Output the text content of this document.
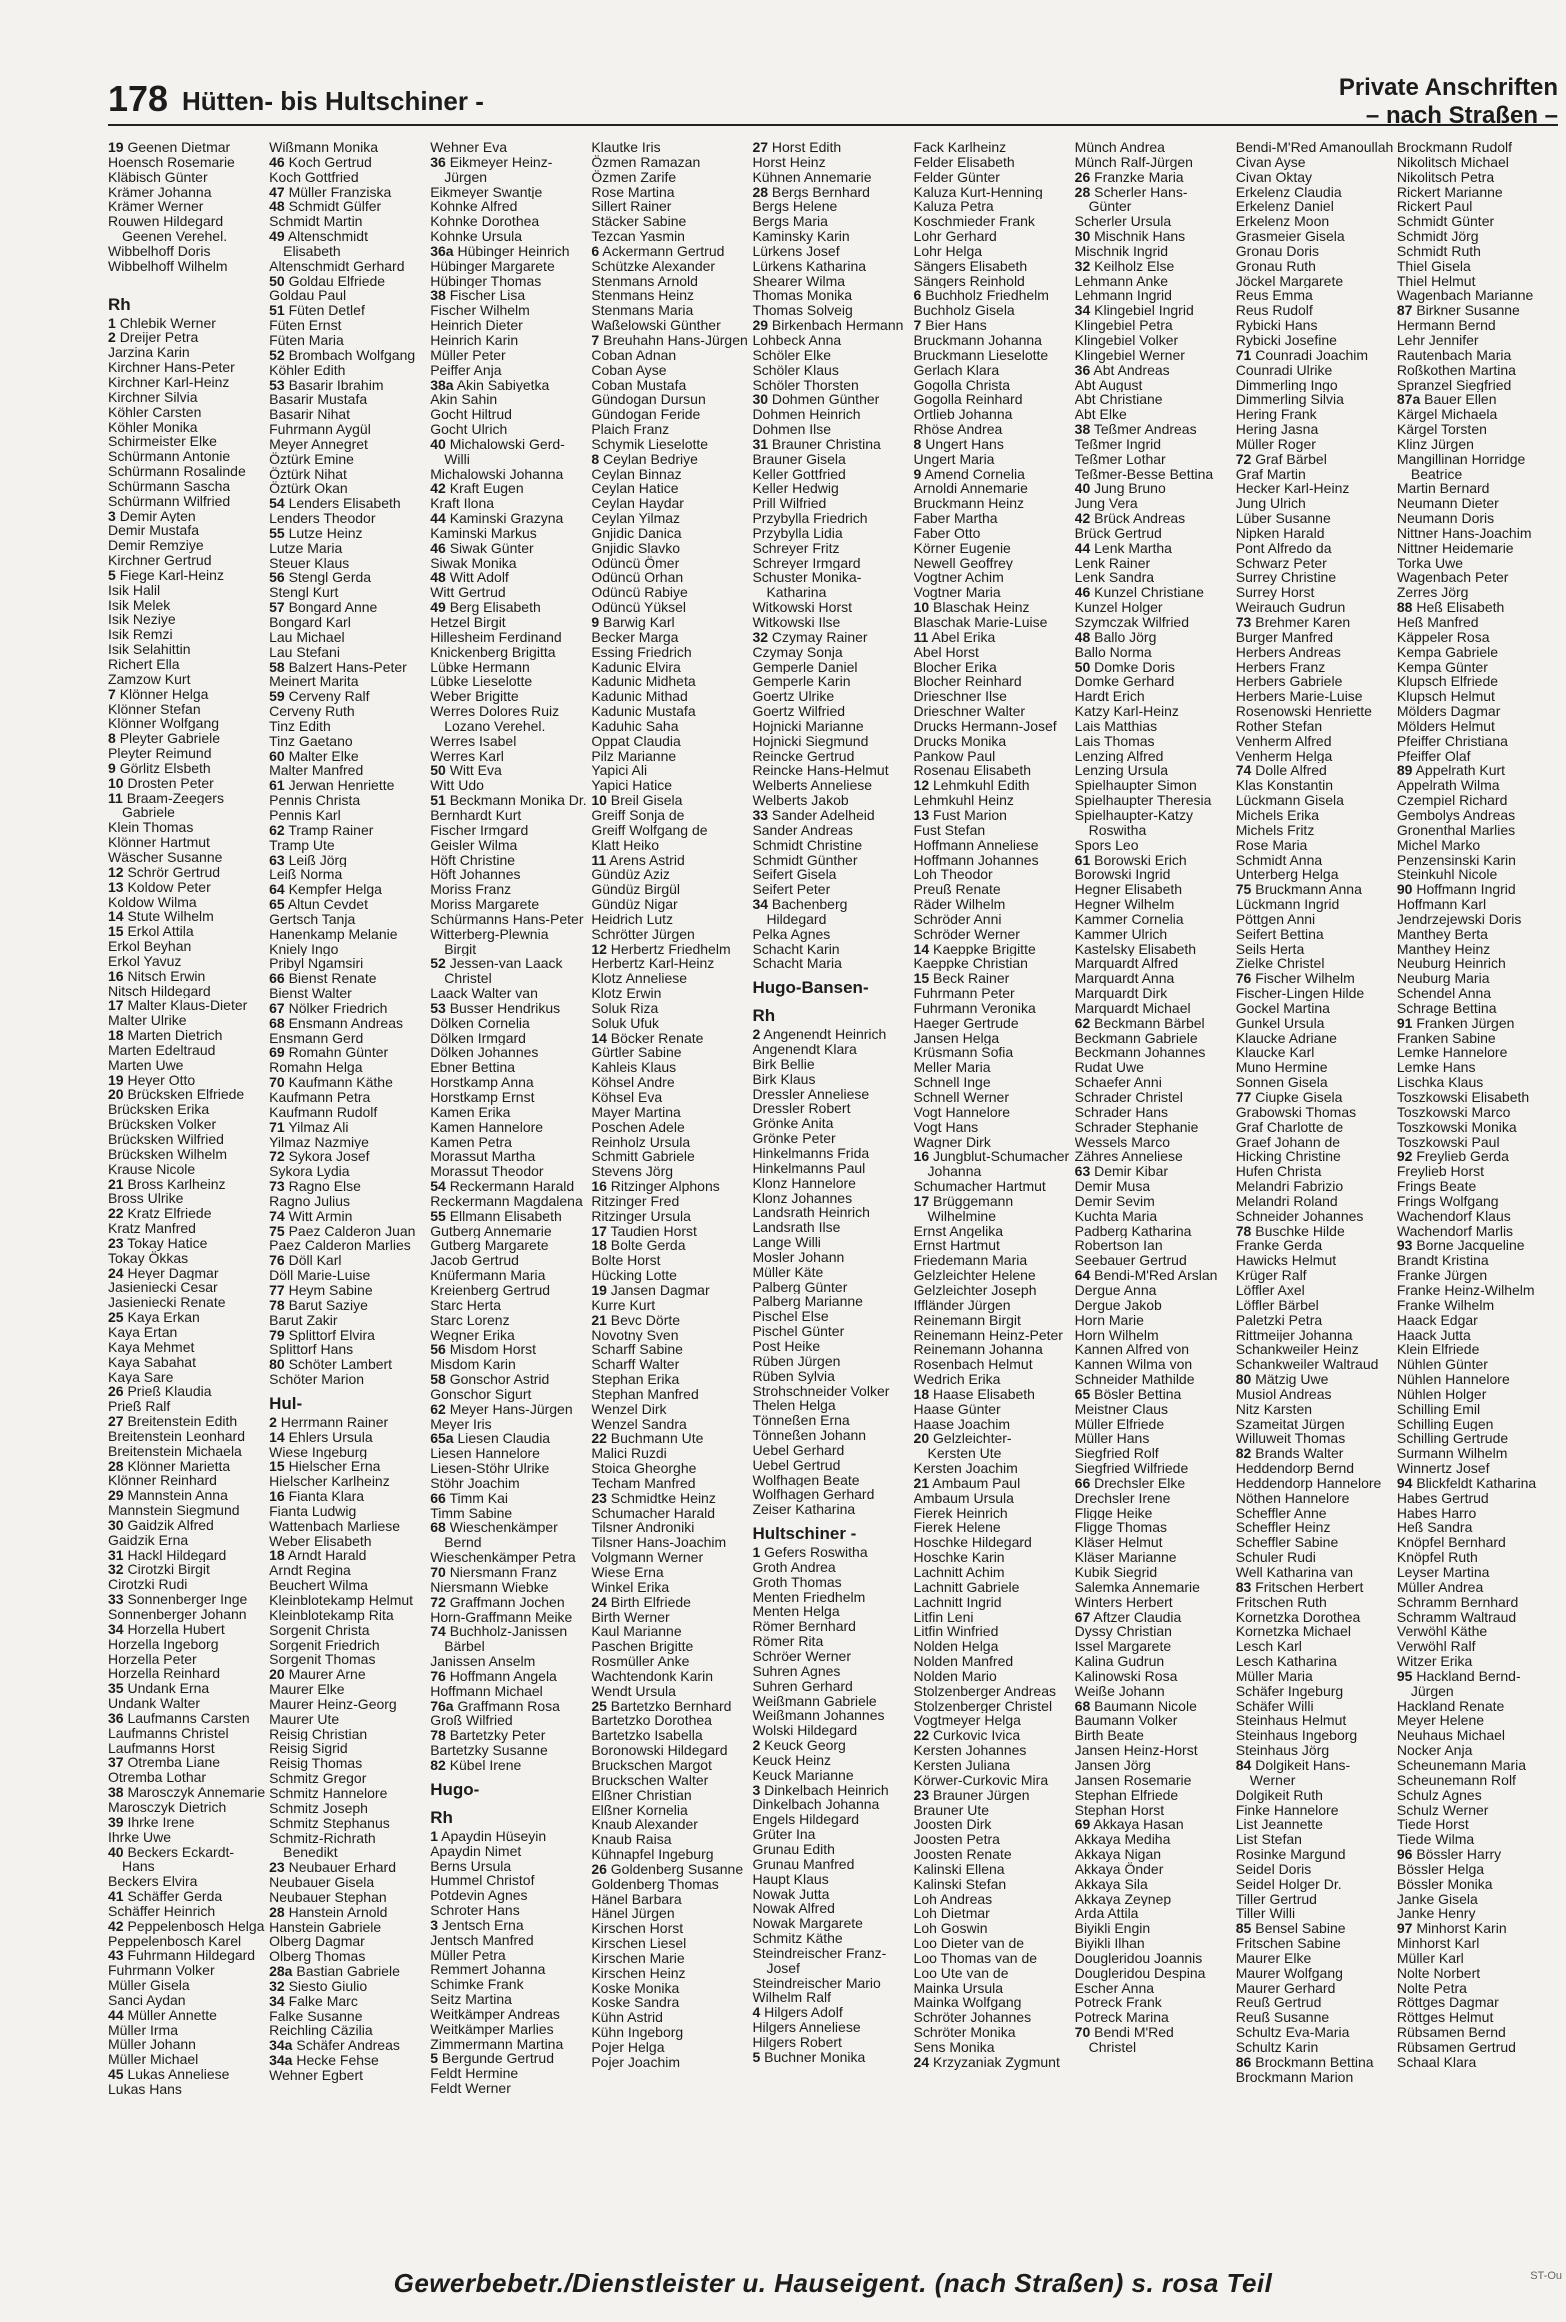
178 Hütten- bis Hultschiner -	Private Anschriften
– nach Straßen –
19 Geenen Dietmar
Hoensch Rosemarie
Kläbisch Günter
Krämer Johanna
Krämer Werner
Rouwen Hildegard
Geenen Verehel.
Wibbelhoff Doris
Wibbelhoff Wilhelm
Rh
1 Chlebik Werner
2 Dreijer Petra
Jarzina Karin
Kirchner Hans-Peter
Kirchner Karl-Heinz
Kirchner Silvia
Köhler Carsten
Köhler Monika
Schirmeister Elke
Schürmann Antonie
Schürmann Rosalinde
Schürmann Sascha
Schürmann Wilfried
3 Demir Ayten
Demir Mustafa
Demir Remziye
Kirchner Gertrud
5 Fiege Karl-Heinz
Isik Halil
Isik Melek
Isik Neziye
Isik Remzi
Isik Selahittin
Richert Ella
Zamzow Kurt
7 Klönner Helga
Klönner Stefan
Klönner Wolfgang
8 Pleyter Gabriele
Pleyter Reimund
9 Görlitz Elsbeth
10 Drosten Peter
11 Braam-Zeegers
Gabriele
Klein Thomas
Klönner Hartmut
Wäscher Susanne
12 Schrör Gertrud
13 Koldow Peter
Koldow Wilma
14 Stute Wilhelm
15 Erkol Attila
Erkol Beyhan
Erkol Yavuz
16 Nitsch Erwin
Nitsch Hildegard
17 Malter Klaus-Dieter
Malter Ulrike
18 Marten Dietrich
Marten Edeltraud
Marten Uwe
19 Heyer Otto
20 Brücksken Elfriede
Brücksken Erika
Brücksken Volker
Brücksken Wilfried
Brücksken Wilhelm
Krause Nicole
21 Bross Karlheinz
Bross Ulrike
22 Kratz Elfriede
Kratz Manfred
23 Tokay Hatice
Tokay Ökkas
24 Heyer Dagmar
Jasieniecki Cesar
Jasieniecki Renate
25 Kaya Erkan
Kaya Ertan
Kaya Mehmet
Kaya Sabahat
Kaya Sare
26 Prieß Klaudia
Prieß Ralf
27 Breitenstein Edith
Breitenstein Leonhard
Breitenstein Michaela
28 Klönner Marietta
Klönner Reinhard
29 Mannstein Anna
Mannstein Siegmund
30 Gaidzik Alfred
Gaidzik Erna
31 Hackl Hildegard
32 Cirotzki Birgit
Cirotzki Rudi
33 Sonnenberger Inge
Sonnenberger Johann
34 Horzella Hubert
Horzella Ingeborg
Horzella Peter
Horzella Reinhard
35 Undank Erna
Undank Walter
36 Laufmanns Carsten
Laufmanns Christel
Laufmanns Horst
37 Otremba Liane
Otremba Lothar
38 Marosczyk Annemarie
Marosczyk Dietrich
39 Ihrke Irene
Ihrke Uwe
40 Beckers Eckardt-
Hans
Beckers Elvira
41 Schäffer Gerda
Schäffer Heinrich
42 Peppelenbosch Helga
Peppelenbosch Karel
43 Fuhrmann Hildegard
Fuhrmann Volker
Müller Gisela
Sanci Aydan
44 Müller Annette
Müller Irma
Müller Johann
Müller Michael
45 Lukas Anneliese
Lukas Hans
Wißmann Monika
46 Koch Gertrud
Koch Gottfried
47 Müller Franziska
48 Schmidt Gülfer
Schmidt Martin
49 Altenschmidt
Elisabeth
Altenschmidt Gerhard
50 Goldau Elfriede
Goldau Paul
51 Füten Detlef
Füten Ernst
Füten Maria
52 Brombach Wolfgang
Köhler Edith
53 Basarir Ibrahim
Basarir Mustafa
Basarir Nihat
Fuhrmann Aygül
Meyer Annegret
Öztürk Emine
Öztürk Nihat
Öztürk Okan
54 Lenders Elisabeth
Lenders Theodor
55 Lutze Heinz
Lutze Maria
Steuer Klaus
56 Stengl Gerda
Stengl Kurt
57 Bongard Anne
Bongard Karl
Lau Michael
Lau Stefani
58 Balzert Hans-Peter
Meinert Marita
59 Cerveny Ralf
Cerveny Ruth
Tinz Edith
Tinz Gaetano
60 Malter Elke
Malter Manfred
61 Jerwan Henriette
Pennis Christa
Pennis Karl
62 Tramp Rainer
Tramp Ute
63 Leiß Jörg
Leiß Norma
64 Kempfer Helga
65 Altun Cevdet
Gertsch Tanja
Hanenkamp Melanie
Kniely Ingo
Pribyl Ngamsiri
66 Bienst Renate
Bienst Walter
67 Nölker Friedrich
68 Ensmann Andreas
Ensmann Gerd
69 Romahn Günter
Romahn Helga
70 Kaufmann Käthe
Kaufmann Petra
Kaufmann Rudolf
71 Yilmaz Ali
Yilmaz Nazmiye
72 Sykora Josef
Sykora Lydia
73 Ragno Else
Ragno Julius
74 Witt Armin
75 Paez Calderon Juan
Paez Calderon Marlies
76 Döll Karl
Döll Marie-Luise
77 Heym Sabine
78 Barut Saziye
Barut Zakir
79 Splittorf Elvira
Splittorf Hans
80 Schöter Lambert
Schöter Marion
Hul-
2 Herrmann Rainer
14 Ehlers Ursula
Wiese Ingeburg
15 Hielscher Erna
Hielscher Karlheinz
16 Fianta Klara
Fianta Ludwig
Wattenbach Marliese
Weber Elisabeth
18 Arndt Harald
Arndt Regina
Beuchert Wilma
Kleinblotekamp Helmut
Kleinblotekamp Rita
Sorgenit Christa
Sorgenit Friedrich
Sorgenit Thomas
20 Maurer Arne
Maurer Elke
Maurer Heinz-Georg
Maurer Ute
Reisig Christian
Reisig Sigrid
Reisig Thomas
Schmitz Gregor
Schmitz Hannelore
Schmitz Joseph
Schmitz Stephanus
Schmitz-Richrath
Benedikt
23 Neubauer Erhard
Neubauer Gisela
Neubauer Stephan
28 Hanstein Arnold
Hanstein Gabriele
Olberg Dagmar
Olberg Thomas
28a Bastian Gabriele
32 Siesto Giulio
34 Falke Marc
Falke Susanne
Reichling Cäzilia
34a Schäfer Andreas
34a Hecke Fehse
Wehner Egbert
Wehner Eva
36 Eikmeyer Heinz-
Jürgen
Eikmeyer Swantje
Kohnke Alfred
Kohnke Dorothea
Kohnke Ursula
36a Hübinger Heinrich
Hübinger Margarete
Hübinger Thomas
38 Fischer Lisa
Fischer Wilhelm
Heinrich Dieter
Heinrich Karin
Müller Peter
Peiffer Anja
38a Akin Sabiyetka
Akin Sahin
Gocht Hiltrud
Gocht Ulrich
40 Michalowski Gerd-
Willi
Michalowski Johanna
42 Kraft Eugen
Kraft Ilona
44 Kaminski Grazyna
Kaminski Markus
46 Siwak Günter
Siwak Monika
48 Witt Adolf
Witt Gertrud
49 Berg Elisabeth
Hetzel Birgit
Hillesheim Ferdinand
Knickenberg Brigitta
Lübke Hermann
Lübke Lieselotte
Weber Brigitte
Werres Dolores Ruiz
Lozano Verehel.
Werres Isabel
Werres Karl
50 Witt Eva
Witt Udo
51 Beckmann Monika Dr.
Bernhardt Kurt
Fischer Irmgard
Geisler Wilma
Höft Christine
Höft Johannes
Moriss Franz
Moriss Margarete
Schürmanns Hans-Peter
Witterberg-Plewnia
Birgit
52 Jessen-van Laack
Christel
Laack Walter van
53 Busser Hendrikus
Dölken Cornelia
Dölken Irmgard
Dölken Johannes
Ebner Bettina
Horstkamp Anna
Horstkamp Ernst
Kamen Erika
Kamen Hannelore
Kamen Petra
Morassut Martha
Morassut Theodor
54 Reckermann Harald
Reckermann Magdalena
55 Ellmann Elisabeth
Gutberg Annemarie
Gutberg Margarete
Jacob Gertrud
Knüfermann Maria
Kreienberg Gertrud
Starc Herta
Starc Lorenz
Wegner Erika
56 Misdom Horst
Misdom Karin
58 Gonschor Astrid
Gonschor Sigurt
62 Meyer Hans-Jürgen
Meyer Iris
65a Liesen Claudia
Liesen Hannelore
Liesen-Stöhr Ulrike
Stöhr Joachim
66 Timm Kai
Timm Sabine
68 Wieschenkämper
Bernd
Wieschenkämper Petra
70 Niersmann Franz
Niersmann Wiebke
72 Graffmann Jochen
Horn-Graffmann Meike
74 Buchholz-Janissen
Bärbel
Janissen Anselm
76 Hoffmann Angela
Hoffmann Michael
76a Graffmann Rosa
Groß Wilfried
78 Bartetzky Peter
Bartetzky Susanne
82 Kübel Irene
Hugo-
Rh
1 Apaydin Hüseyin
Apaydin Nimet
Berns Ursula
Hummel Christof
Potdevin Agnes
Schroter Hans
3 Jentsch Erna
Jentsch Manfred
Müller Petra
Remmert Johanna
Schimke Frank
Seitz Martina
Weitkämper Andreas
Weitkämper Marlies
Zimmermann Martina
5 Bergunde Gertrud
Feldt Hermine
Feldt Werner
Klautke Iris
Özmen Ramazan
Özmen Zarife
Rose Martina
Sillert Rainer
Stäcker Sabine
Tezcan Yasmin
6 Ackermann Gertrud
Schützke Alexander
Stenmans Arnold
Stenmans Heinz
Stenmans Maria
Waßelowski Günther
7 Breuhahn Hans-Jürgen
Coban Adnan
Coban Ayse
Coban Mustafa
Gündogan Dursun
Gündogan Feride
Plaich Franz
Schymik Lieselotte
8 Ceylan Bedriye
Ceylan Binnaz
Ceylan Hatice
Ceylan Haydar
Ceylan Yilmaz
Gnjidic Danica
Gnjidic Slavko
Odüncü Ömer
Odüncü Orhan
Odüncü Rabiye
Odüncü Yüksel
9 Barwig Karl
Becker Marga
Essing Friedrich
Kadunic Elvira
Kadunic Midheta
Kadunic Mithad
Kadunic Mustafa
Kaduhic Saha
Oppat Claudia
Pilz Marianne
Yapici Ali
Yapici Hatice
10 Breil Gisela
Greiff Sonja de
Greiff Wolfgang de
Klatt Heiko
11 Arens Astrid
Gündüz Aziz
Gündüz Birgül
Gündüz Nigar
Heidrich Lutz
Schrötter Jürgen
12 Herbertz Friedhelm
Herbertz Karl-Heinz
Klotz Anneliese
Klotz Erwin
Soluk Riza
Soluk Ufuk
14 Böcker Renate
Gürtler Sabine
Kahleis Klaus
Köhsel Andre
Köhsel Eva
Mayer Martina
Poschen Adele
Reinholz Ursula
Schmitt Gabriele
Stevens Jörg
16 Ritzinger Alphons
Ritzinger Fred
Ritzinger Ursula
17 Taudien Horst
18 Bolte Gerda
Bolte Horst
Hücking Lotte
19 Jansen Dagmar
Kurre Kurt
21 Bevc Dörte
Novotny Sven
Scharff Sabine
Scharff Walter
Stephan Erika
Stephan Manfred
Wenzel Dirk
Wenzel Sandra
22 Buchmann Ute
Malici Ruzdi
Stoica Gheorghe
Techam Manfred
23 Schmidtke Heinz
Schumacher Harald
Tilsner Androniki
Tilsner Hans-Joachim
Volgmann Werner
Wiese Erna
Winkel Erika
24 Birth Elfriede
Birth Werner
Kaul Marianne
Paschen Brigitte
Rosmüller Anke
Wachtendonk Karin
Wendt Ursula
25 Bartetzko Bernhard
Bartetzko Dorothea
Bartetzko Isabella
Boronowski Hildegard
Bruckschen Margot
Bruckschen Walter
Elßner Christian
Elßner Kornelia
Knaub Alexander
Knaub Raisa
Kühnapfel Ingeburg
26 Goldenberg Susanne
Goldenberg Thomas
Hänel Barbara
Hänel Jürgen
Kirschen Horst
Kirschen Liesel
Kirschen Marie
Kirschen Heinz
Koske Monika
Koske Sandra
Kühn Astrid
Kühn Ingeborg
Pojer Helga
Pojer Joachim
27 Horst Edith
Horst Heinz
Kühnen Annemarie
28 Bergs Bernhard
Bergs Helene
Bergs Maria
Kaminsky Karin
Lürkens Josef
Lürkens Katharina
Shearer Wilma
Thomas Monika
Thomas Solveig
29 Birkenbach Hermann
Lohbeck Anna
Schöler Elke
Schöler Klaus
Schöler Thorsten
30 Dohmen Günther
Dohmen Heinrich
Dohmen Ilse
31 Brauner Christina
Brauner Gisela
Keller Gottfried
Keller Hedwig
Prill Wilfried
Przybylla Friedrich
Przybylla Lidia
Schreyer Fritz
Schreyer Irmgard
Schuster Monika-
Katharina
Witkowski Horst
Witkowski Ilse
32 Czymay Rainer
Czymay Sonja
Gemperle Daniel
Gemperle Karin
Goertz Ulrike
Goertz Wilfried
Hojnicki Marianne
Hojnicki Siegmund
Reincke Gertrud
Reincke Hans-Helmut
Welberts Anneliese
Welberts Jakob
33 Sander Adelheid
Sander Andreas
Schmidt Christine
Schmidt Günther
Seifert Gisela
Seifert Peter
34 Bachenberg
Hildegard
Pelka Agnes
Schacht Karin
Schacht Maria
Hugo-Bansen-
Rh
2 Angenendt Heinrich
Angenendt Klara
Birk Bellie
Birk Klaus
Dressler Anneliese
Dressler Robert
Grönke Anita
Grönke Peter
Hinkelmanns Frida
Hinkelmanns Paul
Klonz Hannelore
Klonz Johannes
Landsrath Heinrich
Landsrath Ilse
Lange Willi
Mosler Johann
Müller Käte
Palberg Günter
Palberg Marianne
Pischel Else
Pischel Günter
Post Heike
Rüben Jürgen
Rüben Sylvia
Strohschneider Volker
Thelen Helga
Tönneßen Erna
Tönneßen Johann
Uebel Gerhard
Uebel Gertrud
Wolfhagen Beate
Wolfhagen Gerhard
Zeiser Katharina
Hultschiner -
1 Gefers Roswitha
Groth Andrea
Groth Thomas
Menten Friedhelm
Menten Helga
Römer Bernhard
Römer Rita
Schröer Werner
Suhren Agnes
Suhren Gerhard
Weißmann Gabriele
Weißmann Johannes
Wolski Hildegard
2 Keuck Georg
Keuck Heinz
Keuck Marianne
3 Dinkelbach Heinrich
Dinkelbach Johanna
Engels Hildegard
Grüter Ina
Grunau Edith
Grunau Manfred
Haupt Klaus
Nowak Jutta
Nowak Alfred
Nowak Margarete
Schmitz Käthe
Steindreischer Franz-
Josef
Steindreischer Mario
Wilhelm Ralf
4 Hilgers Adolf
Hilgers Anneliese
Hilgers Robert
5 Buchner Monika
Fack Karlheinz
Felder Elisabeth
Felder Günter
Kaluza Kurt-Henning
Kaluza Petra
Koschmieder Frank
Lohr Gerhard
Lohr Helga
Sängers Elisabeth
Sängers Reinhold
6 Buchholz Friedhelm
Buchholz Gisela
7 Bier Hans
Bruckmann Johanna
Bruckmann Lieselotte
Gerlach Klara
Gogolla Christa
Gogolla Reinhard
Ortlieb Johanna
Rhöse Andrea
8 Ungert Hans
Ungert Maria
9 Amend Cornelia
Arnoldi Annemarie
Bruckmann Heinz
Faber Martha
Faber Otto
Körner Eugenie
Newell Geoffrey
Vogtner Achim
Vogtner Maria
10 Blaschak Heinz
Blaschak Marie-Luise
11 Abel Erika
Abel Horst
Blocher Erika
Blocher Reinhard
Drieschner Ilse
Drieschner Walter
Drucks Hermann-Josef
Drucks Monika
Pankow Paul
Rosenau Elisabeth
12 Lehmkuhl Edith
Lehmkuhl Heinz
13 Fust Marion
Fust Stefan
Hoffmann Anneliese
Hoffmann Johannes
Loh Theodor
Preuß Renate
Räder Wilhelm
Schröder Anni
Schröder Werner
14 Kaeppke Brigitte
Kaeppke Christian
15 Beck Rainer
Fuhrmann Peter
Fuhrmann Veronika
Haeger Gertrude
Jansen Helga
Krüsmann Sofia
Meller Maria
Schnell Inge
Schnell Werner
Vogt Hannelore
Vogt Hans
Wagner Dirk
16 Jungblut-Schumacher
Johanna
Schumacher Hartmut
17 Brüggemann
Wilhelmine
Ernst Angelika
Ernst Hartmut
Friedemann Maria
Gelzleichter Helene
Gelzleichter Joseph
Iffländer Jürgen
Reinemann Birgit
Reinemann Heinz-Peter
Reinemann Johanna
Rosenbach Helmut
Wedrich Erika
18 Haase Elisabeth
Haase Günter
Haase Joachim
20 Gelzleichter-
Kersten Ute
Kersten Joachim
21 Ambaum Paul
Ambaum Ursula
Fierek Heinrich
Fierek Helene
Hoschke Hildegard
Hoschke Karin
Lachnitt Achim
Lachnitt Gabriele
Lachnitt Ingrid
Litfin Leni
Litfin Winfried
Nolden Helga
Nolden Manfred
Nolden Mario
Stolzenberger Andreas
Stolzenberger Christel
Vogtmeyer Helga
22 Curkovic Ivica
Kersten Johannes
Kersten Juliana
Körwer-Curkovic Mira
23 Brauner Jürgen
Brauner Ute
Joosten Dirk
Joosten Petra
Joosten Renate
Kalinski Ellena
Kalinski Stefan
Loh Andreas
Loh Dietmar
Loh Goswin
Loo Dieter van de
Loo Thomas van de
Loo Ute van de
Mainka Ursula
Mainka Wolfgang
Schröter Johannes
Schröter Monika
Sens Monika
24 Krzyzaniak Zygmunt
Münch Andrea
Münch Ralf-Jürgen
26 Franzke Maria
28 Scherler Hans-
Günter
Scherler Ursula
30 Mischnik Hans
Mischnik Ingrid
32 Keilholz Else
Lehmann Anke
Lehmann Ingrid
34 Klingebiel Ingrid
Klingebiel Petra
Klingebiel Volker
Klingebiel Werner
36 Abt Andreas
Abt August
Abt Christiane
Abt Elke
38 Teßmer Andreas
Teßmer Ingrid
Teßmer Lothar
Teßmer-Besse Bettina
40 Jung Bruno
Jung Vera
42 Brück Andreas
Brück Gertrud
44 Lenk Martha
Lenk Rainer
Lenk Sandra
46 Kunzel Christiane
Kunzel Holger
Szymczak Wilfried
48 Ballo Jörg
Ballo Norma
50 Domke Doris
Domke Gerhard
Hardt Erich
Katzy Karl-Heinz
Lais Matthias
Lais Thomas
Lenzing Alfred
Lenzing Ursula
Spielhaupter Simon
Spielhaupter Theresia
Spielhaupter-Katzy
Roswitha
Spors Leo
61 Borowski Erich
Borowski Ingrid
Hegner Elisabeth
Hegner Wilhelm
Kammer Cornelia
Kammer Ulrich
Kastelsky Elisabeth
Marquardt Alfred
Marquardt Anna
Marquardt Dirk
Marquardt Michael
62 Beckmann Bärbel
Beckmann Gabriele
Beckmann Johannes
Rudat Uwe
Schaefer Anni
Schrader Christel
Schrader Hans
Schrader Stephanie
Wessels Marco
Zähres Anneliese
63 Demir Kibar
Demir Musa
Demir Sevim
Kuchta Maria
Padberg Katharina
Robertson Ian
Seebauer Gertrud
64 Bendi-M'Red Arslan
Dergue Anna
Dergue Jakob
Horn Marie
Horn Wilhelm
Kannen Alfred von
Kannen Wilma von
Schneider Mathilde
65 Bösler Bettina
Meistner Claus
Müller Elfriede
Müller Hans
Siegfried Rolf
Siegfried Wilfriede
66 Drechsler Elke
Drechsler Irene
Fligge Heike
Fligge Thomas
Kläser Helmut
Kläser Marianne
Kubik Siegrid
Salemka Annemarie
Winters Herbert
67 Aftzer Claudia
Dyssy Christian
Issel Margarete
Kalina Gudrun
Kalinowski Rosa
Weiße Johann
68 Baumann Nicole
Baumann Volker
Birth Beate
Jansen Heinz-Horst
Jansen Jörg
Jansen Rosemarie
Stephan Elfriede
Stephan Horst
69 Akkaya Hasan
Akkaya Mediha
Akkaya Nigan
Akkaya Önder
Akkaya Sila
Akkaya Zeynep
Arda Attila
Biyikli Engin
Biyikli Ilhan
Dougleridou Joannis
Dougleridou Despina
Escher Anna
Potreck Frank
Potreck Marina
70 Bendi M'Red
Christel
Bendi-M'Red Amanoullah
Civan Ayse
Civan Oktay
Erkelenz Claudia
Erkelenz Daniel
Erkelenz Moon
Grasmeier Gisela
Gronau Doris
Gronau Ruth
Jöckel Margarete
Reus Emma
Reus Rudolf
Rybicki Hans
Rybicki Josefine
71 Counradi Joachim
Counradi Ulrike
Dimmerling Ingo
Dimmerling Silvia
Hering Frank
Hering Jasna
Müller Roger
72 Graf Bärbel
Graf Martin
Hecker Karl-Heinz
Jung Ulrich
Lüber Susanne
Nipken Harald
Pont Alfredo da
Schwarz Peter
Surrey Christine
Surrey Horst
Weirauch Gudrun
73 Brehmer Karen
Burger Manfred
Herbers Andreas
Herbers Franz
Herbers Gabriele
Herbers Marie-Luise
Rosenowski Henriette
Rother Stefan
Venherm Alfred
Venherm Helga
74 Dolle Alfred
Klas Konstantin
Lückmann Gisela
Michels Erika
Michels Fritz
Rose Maria
Schmidt Anna
Unterberg Helga
75 Bruckmann Anna
Lückmann Ingrid
Pöttgen Anni
Seifert Bettina
Seils Herta
Zielke Christel
76 Fischer Wilhelm
Fischer-Lingen Hilde
Gockel Martina
Gunkel Ursula
Klaucke Adriane
Klaucke Karl
Muno Hermine
Sonnen Gisela
77 Ciupke Gisela
Grabowski Thomas
Graf Charlotte de
Graef Johann de
Hicking Christine
Hufen Christa
Melandri Fabrizio
Melandri Roland
Schneider Johannes
78 Buschke Hilde
Franke Gerda
Hawicks Helmut
Krüger Ralf
Löffler Axel
Löffler Bärbel
Paletzki Petra
Rittmeijer Johanna
Schankweiler Heinz
Schankweiler Waltraud
80 Mätzig Uwe
Musiol Andreas
Nitz Karsten
Szameitat Jürgen
Willuweit Thomas
82 Brands Walter
Heddendorp Bernd
Heddendorp Hannelore
Nöthen Hannelore
Scheffler Anne
Scheffler Heinz
Scheffler Sabine
Schuler Rudi
Well Katharina van
83 Fritschen Herbert
Fritschen Ruth
Kornetzka Dorothea
Kornetzka Michael
Lesch Karl
Lesch Katharina
Müller Maria
Schäfer Ingeburg
Schäfer Willi
Steinhaus Helmut
Steinhaus Ingeborg
Steinhaus Jörg
84 Dolgikeit Hans-
Werner
Dolgikeit Ruth
Finke Hannelore
List Jeannette
List Stefan
Rosinke Margund
Seidel Doris
Seidel Holger Dr.
Tiller Gertrud
Tiller Willi
85 Bensel Sabine
Fritschen Sabine
Maurer Elke
Maurer Wolfgang
Maurer Gerhard
Reuß Gertrud
Reuß Susanne
Schultz Eva-Maria
Schultz Karin
86 Brockmann Bettina
Brockmann Marion
Brockmann Rudolf
Nikolitsch Michael
Nikolitsch Petra
Rickert Marianne
Rickert Paul
Schmidt Günter
Schmidt Jörg
Schmidt Ruth
Thiel Gisela
Thiel Helmut
Wagenbach Marianne
87 Birkner Susanne
Hermann Bernd
Lehr Jennifer
Rautenbach Maria
Roßkothen Martina
Spranzel Siegfried
87a Bauer Ellen
Kärgel Michaela
Kärgel Torsten
Klinz Jürgen
Mangillinan Horridge
Beatrice
Martin Bernard
Neumann Dieter
Neumann Doris
Nittner Hans-Joachim
Nittner Heidemarie
Torka Uwe
Wagenbach Peter
Zerres Jörg
88 Heß Elisabeth
Heß Manfred
Käppeler Rosa
Kempa Gabriele
Kempa Günter
Klupsch Elfriede
Klupsch Helmut
Mölders Dagmar
Mölders Helmut
Pfeiffer Christiana
Pfeiffer Olaf
89 Appelrath Kurt
Appelrath Wilma
Czempiel Richard
Gembolys Andreas
Gronenthal Marlies
Michel Marko
Penzensinski Karin
Steinkuhl Nicole
90 Hoffmann Ingrid
Hoffmann Karl
Jendrzejewski Doris
Manthey Berta
Manthey Heinz
Neuburg Heinrich
Neuburg Maria
Schendel Anna
Schrage Bettina
91 Franken Jürgen
Franken Sabine
Lemke Hannelore
Lemke Hans
Lischka Klaus
Toszkowski Elisabeth
Toszkowski Marco
Toszkowski Monika
Toszkowski Paul
92 Freyliеb Gerda
Freyliеb Horst
Frings Beate
Frings Wolfgang
Wachendorf Klaus
Wachendorf Marlis
93 Borne Jacqueline
Brandt Kristina
Franke Jürgen
Franke Heinz-Wilhelm
Franke Wilhelm
Haack Edgar
Haack Jutta
Klein Elfriede
Nühlen Günter
Nühlen Hannelore
Nühlen Holger
Schilling Emil
Schilling Eugen
Schilling Gertrude
Surmann Wilhelm
Winnertz Josef
94 Blickfeldt Katharina
Habes Gertrud
Habes Harro
Heß Sandra
Knöpfel Bernhard
Knöpfel Ruth
Leyser Martina
Müller Andrea
Schramm Bernhard
Schramm Waltraud
Verwöhl Käthe
Verwöhl Ralf
Witzer Erika
95 Hackland Bernd-
Jürgen
Hackland Renate
Meyer Helene
Neuhaus Michael
Nocker Anja
Scheunemann Maria
Scheunemann Rolf
Schulz Agnes
Schulz Werner
Tiede Horst
Tiede Wilma
96 Bössler Harry
Bössler Helga
Bössler Monika
Janke Gisela
Janke Henry
97 Minhorst Karin
Minhorst Karl
Müller Karl
Nolte Norbert
Nolte Petra
Röttges Dagmar
Röttges Helmut
Rübsamen Bernd
Rübsamen Gertrud
Schaal Klara
Gewerbebetr./Dienstleister u. Hauseigent. (nach Straßen) s. rosa Teil	ST-Ou
